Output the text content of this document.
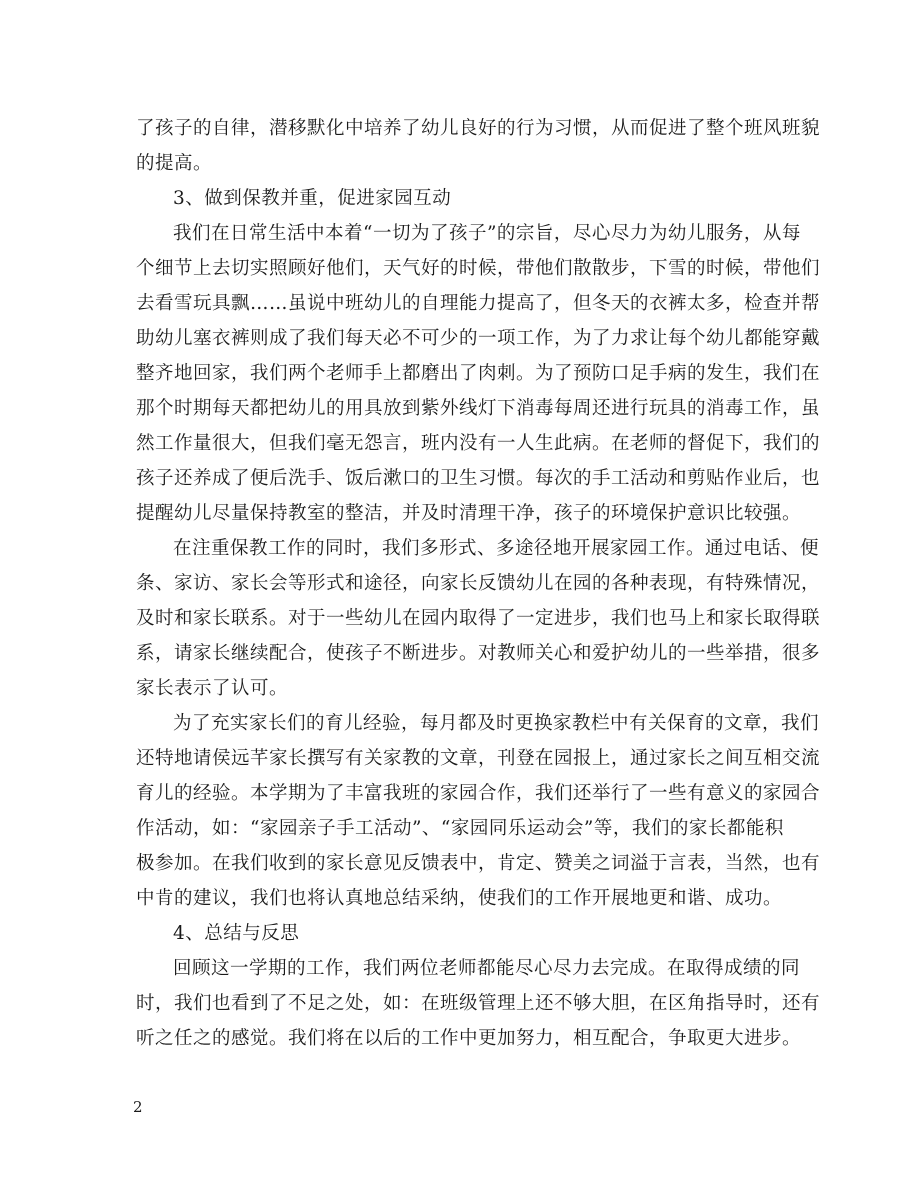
了孩子的自律，潜移默化中培养了幼儿良好的行为习惯，从而促进了整个班风班貌
的提高。
3、做到保教并重，促进家园互动
我们在日常生活中本着“一切为了孩子”的宗旨，尽心尽力为幼儿服务，从每
个细节上去切实照顾好他们，天气好的时候，带他们散散步，下雪的时候，带他们
去看雪玩具飘……虽说中班幼儿的自理能力提高了，但冬天的衣裤太多，检查并帮
助幼儿塞衣裤则成了我们每天必不可少的一项工作，为了力求让每个幼儿都能穿戴
整齐地回家，我们两个老师手上都磨出了肉刺。为了预防口足手病的发生，我们在
那个时期每天都把幼儿的用具放到紫外线灯下消毒每周还进行玩具的消毒工作，虽
然工作量很大，但我们毫无怨言，班内没有一人生此病。在老师的督促下，我们的
孩子还养成了便后洗手、饭后漱口的卫生习惯。每次的手工活动和剪贴作业后，也
提醒幼儿尽量保持教室的整洁，并及时清理干净，孩子的环境保护意识比较强。
在注重保教工作的同时，我们多形式、多途径地开展家园工作。通过电话、便
条、家访、家长会等形式和途径，向家长反馈幼儿在园的各种表现，有特殊情况，
及时和家长联系。对于一些幼儿在园内取得了一定进步，我们也马上和家长取得联
系，请家长继续配合，使孩子不断进步。对教师关心和爱护幼儿的一些举措，很多
家长表示了认可。
为了充实家长们的育儿经验，每月都及时更换家教栏中有关保育的文章，我们
还特地请侯远芊家长撰写有关家教的文章，刊登在园报上，通过家长之间互相交流
育儿的经验。本学期为了丰富我班的家园合作，我们还举行了一些有意义的家园合
作活动，如：“家园亲子手工活动”、“家园同乐运动会”等，我们的家长都能积
极参加。在我们收到的家长意见反馈表中，肯定、赞美之词溢于言表，当然，也有
中肯的建议，我们也将认真地总结采纳，使我们的工作开展地更和谐、成功。
4、总结与反思
回顾这一学期的工作，我们两位老师都能尽心尽力去完成。在取得成绩的同
时，我们也看到了不足之处，如：在班级管理上还不够大胆，在区角指导时，还有
听之任之的感觉。我们将在以后的工作中更加努力，相互配合，争取更大进步。
2
